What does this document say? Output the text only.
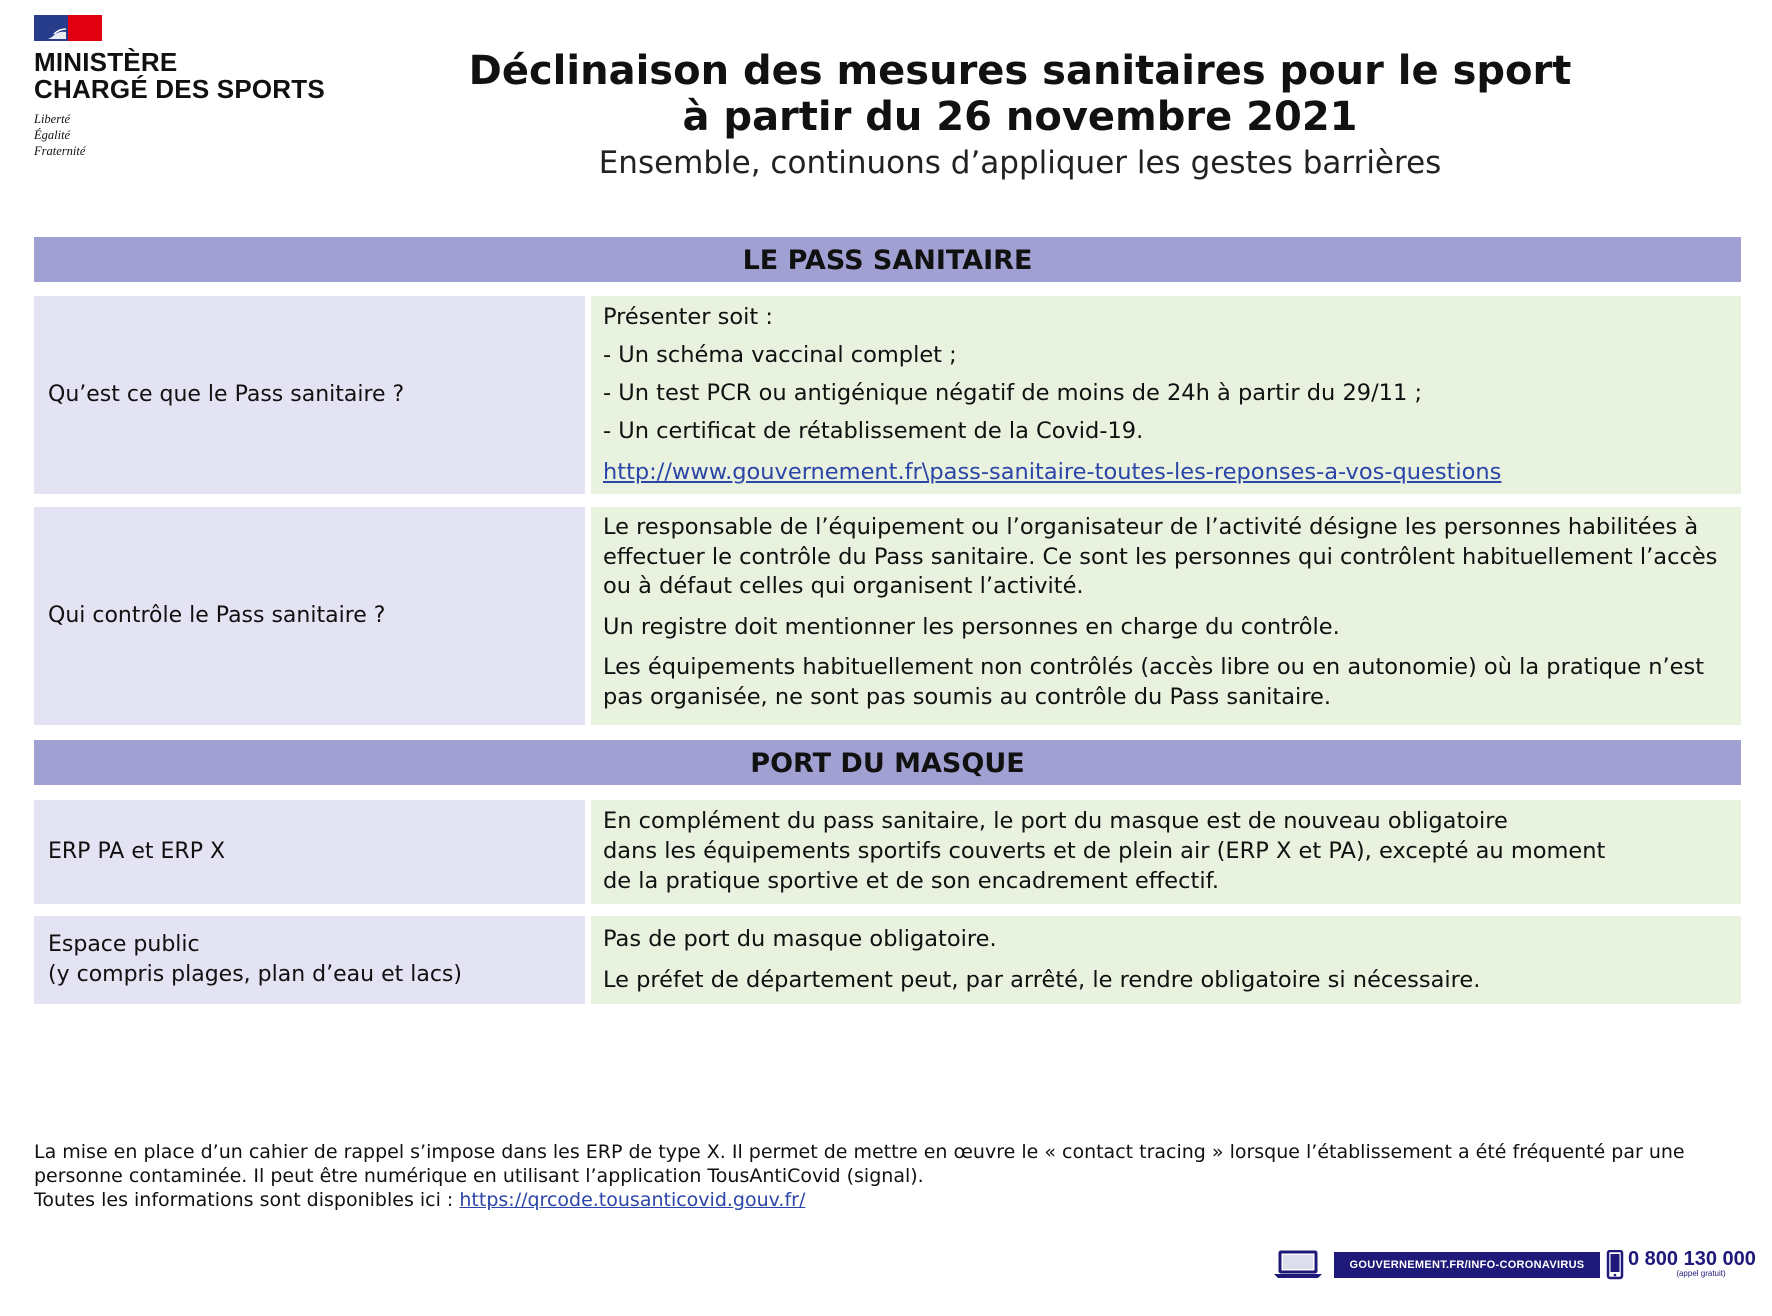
MINISTÈRE
CHARGÉ DES SPORTS
Liberté
Égalité
Fraternité
Déclinaison des mesures sanitaires pour le sport
à partir du 26 novembre 2021
Ensemble, continuons d’appliquer les gestes barrières
LE PASS SANITAIRE
Qu’est ce que le Pass sanitaire ?

Présenter soit :

- Un schéma vaccinal complet ;

- Un test PCR ou antigénique négatif de moins de 24h à partir du 29/11 ;

- Un certificat de rétablissement de la Covid-19.

http://www.gouvernement.fr\pass-sanitaire-toutes-les-reponses-a-vos-questions

Qui contrôle le Pass sanitaire ?

Le responsable de l’équipement ou l’organisateur de l’activité désigne les personnes habilitées à effectuer le contrôle du Pass sanitaire. Ce sont les personnes qui contrôlent habituellement l’accès ou à défaut celles qui organisent l’activité.

Un registre doit mentionner les personnes en charge du contrôle.

Les équipements habituellement non contrôlés (accès libre ou en autonomie) où la pratique n’est pas organisée, ne sont pas soumis au contrôle du Pass sanitaire.

PORT DU MASQUE
ERP PA et ERP X

En complément du pass sanitaire, le port du masque est de nouveau obligatoire

dans les équipements sportifs couverts et de plein air (ERP X et PA), excepté au moment

de la pratique sportive et de son encadrement effectif.

Espace public
(y compris plages, plan d’eau et lacs)

Pas de port du masque obligatoire.

Le préfet de département peut, par arrêté, le rendre obligatoire si nécessaire.

La mise en place d’un cahier de rappel s’impose dans les ERP de type X. Il permet de mettre en œuvre le « contact tracing » lorsque l’établissement a été fréquenté par une personne contaminée. Il peut être numérique en utilisant l’application TousAntiCovid (signal).
Toutes les informations sont disponibles ici : https://qrcode.tousanticovid.gouv.fr/
GOUVERNEMENT.FR/INFO-CORONAVIRUS	0 800 130 000
(appel gratuit)
